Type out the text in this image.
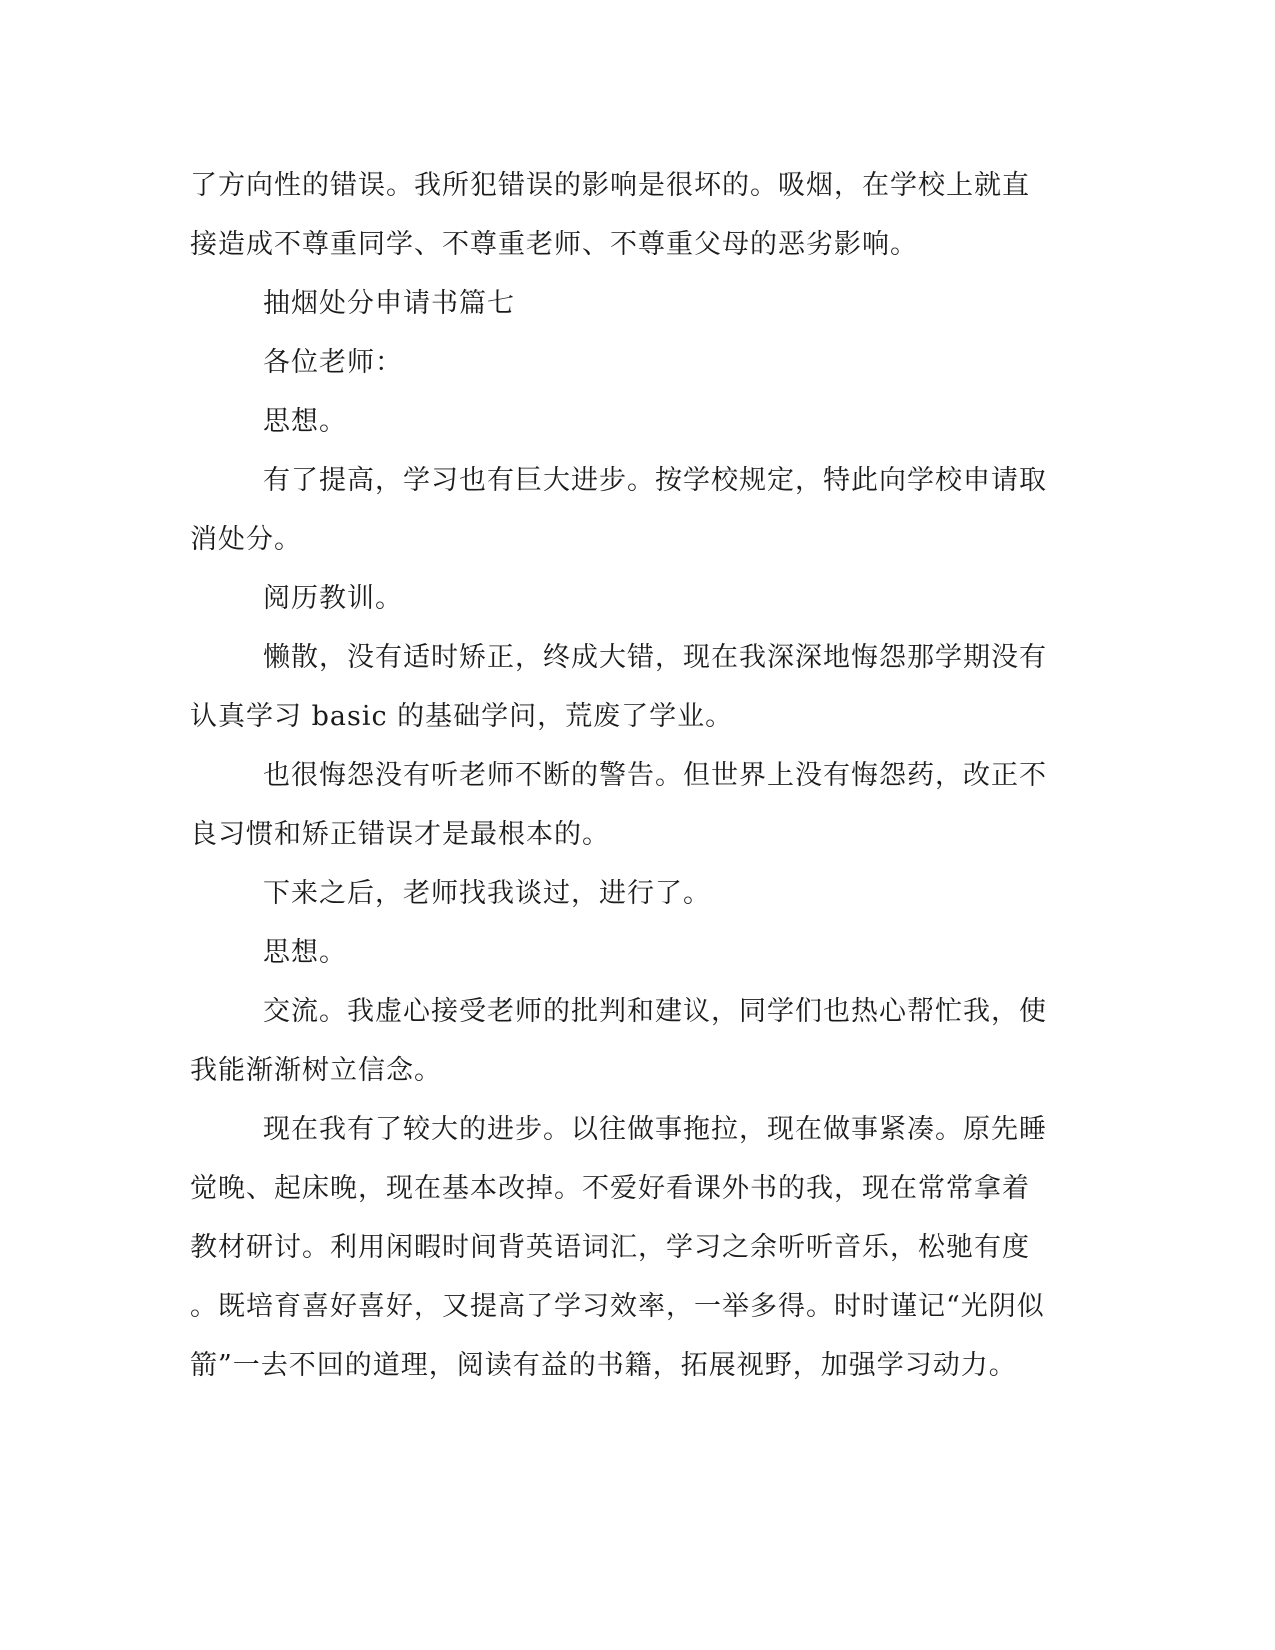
了方向性的错误。我所犯错误的影响是很坏的。吸烟，在学校上就直
接造成不尊重同学、不尊重老师、不尊重父母的恶劣影响。
抽烟处分申请书篇七
各位老师：
思想。
有了提高，学习也有巨大进步。按学校规定，特此向学校申请取
消处分。
阅历教训。
懒散，没有适时矫正，终成大错，现在我深深地悔怨那学期没有
认真学习 basic 的基础学问，荒废了学业。
也很悔怨没有听老师不断的警告。但世界上没有悔怨药，改正不
良习惯和矫正错误才是最根本的。
下来之后，老师找我谈过，进行了。
思想。
交流。我虚心接受老师的批判和建议，同学们也热心帮忙我，使
我能渐渐树立信念。
现在我有了较大的进步。以往做事拖拉，现在做事紧凑。原先睡
觉晚、起床晚，现在基本改掉。不爱好看课外书的我，现在常常拿着
教材研讨。利用闲暇时间背英语词汇，学习之余听听音乐，松驰有度
。既培育喜好喜好，又提高了学习效率，一举多得。时时谨记“光阴似
箭”一去不回的道理，阅读有益的书籍，拓展视野，加强学习动力。
